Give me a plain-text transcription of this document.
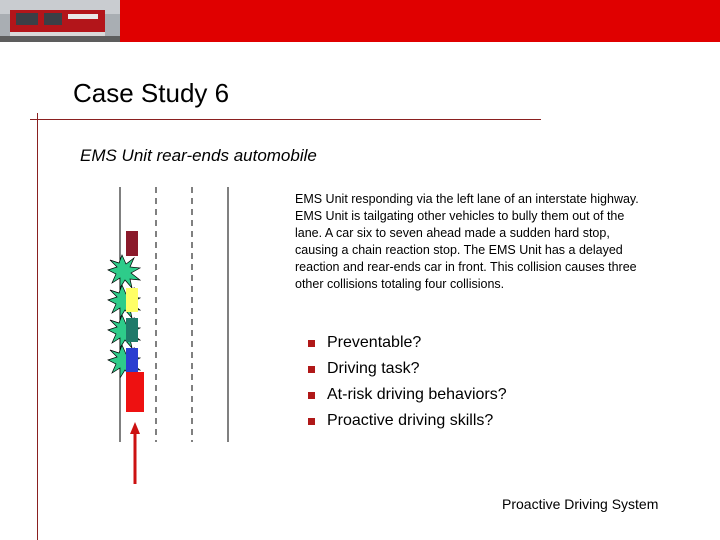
Case Study 6
EMS Unit rear-ends automobile
EMS Unit responding via the left lane of an interstate highway. EMS Unit is tailgating other vehicles to bully them out of the lane. A car six to seven ahead made a sudden hard stop, causing a chain reaction stop. The EMS Unit has a delayed reaction and rear-ends car in front. This collision causes three other collisions totaling four collisions.
Preventable?
Driving task?
At-risk driving behaviors?
Proactive driving skills?
Proactive Driving System
